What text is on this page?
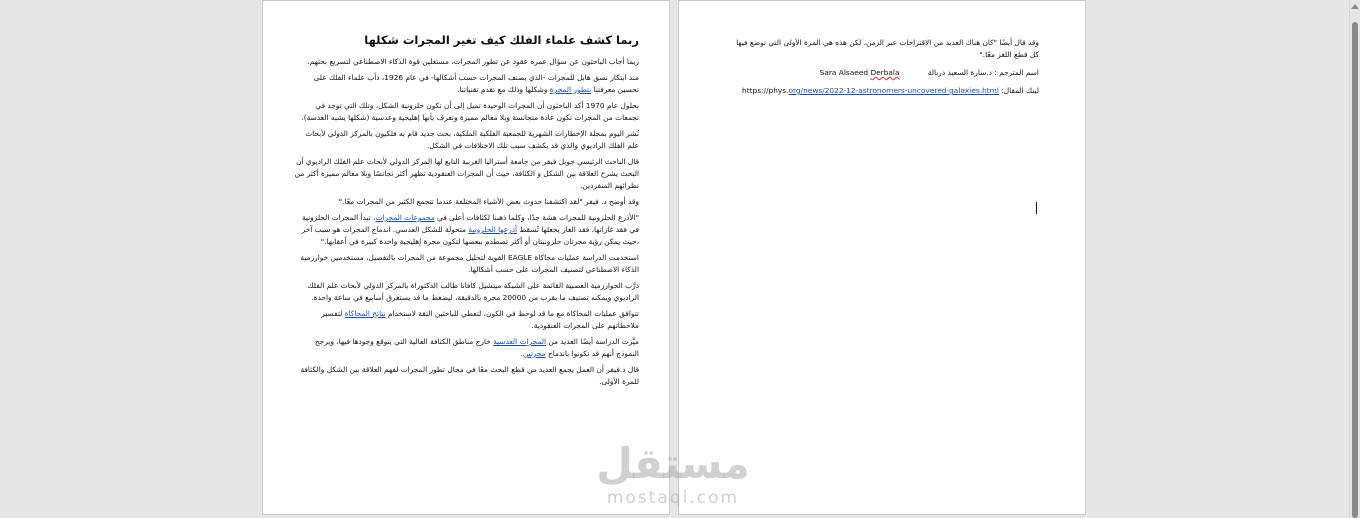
ربما كشف علماء الفلك كيف تغير المجرات شكلها

ربما أجاب الباحثون عن سؤال عمره عقود عن تطور المجرات، مستغلين قوة الذكاء الاصطناعي لتسريع بحثهم.

منذ ابتكار نسق هابل للمجرات -الذي يصنف المجرات حسب أشكالها- في عام 1926، دأب علماء الفلك على تحسين معرفتنا بتطور المجرة وشكلها وذلك مع تقدم تقنياتنا.

بحلول عام 1970 أكد الباحثون أن المجرات الوحيدة تميل إلى أن تكون حلزونية الشكل، وتلك التي توجد في تجمعات من المجرات تكون عادة متجانسة وبلا معالم مميزة وتعرف بأنها إهليجية وعدسية (شكلها يشبه العدسة).

نُشر اليوم بمجلة الإخطارات الشهرية للجمعية الفلكية الملكية، بحث جديد قام به فلكيون بالمركز الدولي لأبحاث علم الفلك الراديوي والذي قد يكشف سبب تلك الاختلافات في الشكل.

قال الباحث الرئيسي جوبل فيفر من جامعة أستراليا الغربية التابع لها المركز الدولي لأبحاث علم الفلك الراديوي أن البحث يشرح العلاقة بين الشكل و الكثافة، حيث أن المجرات العنقودية تظهر أكثر تجانسًا وبلا معالم مميزة أكثر من نظرائهم المنفردين.

وقد أوضح د. فيفر "لقد اكتشفنا حدوث بعض الأشياء المختلفة عندما تتجمع الكثير من المجرات معًا."

"الأذرع الحلزونية للمجرات هشة جدًا، وكلما ذهبنا لكثافات أعلى في مجموعات المجرات، تبدأ المجرات الحلزونية في فقد غازاتها، فقد الغاز يجعلها تُسقط أذرعها الحلزونية متحولة للشكل العدسي. اندماج المجرات هو سبب آخر ،حيث يمكن رؤية مجرتان حلزونيتان أو أكثر تصطدم ببعضها لتكون مجرة إهليجية واحدة كبيرة في أعقابها."

استخدمت الدراسة عمليات محاكاة EAGLE القوية لتحليل مجموعة من المجرات بالتفصيل، مستخدمين خوارزمية الذكاء الاصطناعي لتصنيف المجرات على حسب أشكالها.

درَّب الخوارزمية العصبية القائمة على الشبكة ميتشيل كافانا طالب الدكتوراة بالمركز الدولي لأبحاث علم الفلك الراديوي ويمكنه تصنيف ما يقرب من 20000 مجرة بالدقيقة، ليضغط ما قد يستغرق أسابيع في ساعة واحدة.

تتوافق عمليات المحاكاة مع ما قد لوحظ في الكون، لتعطي للباحثين الثقة لاستخدام نتائج المحاكاة لتفسير ملاحظاتهم على المجرات العنقودية.

ميَّزت الدراسة أيضًا العديد من المجرات العدسية خارج مناطق الكثافة العالية التي يتوقع وجودها فيها، ويرجح النموذج أنهم قد تكونوا باندماج مجرتين.

قال د.فيفر أن العمل يجمع العديد من قطع البحث معًا في مجال تطور المجرات لفهم العلاقة بين الشكل والكثافة للمرة الأولى.

وقد قال أيضًا "كان هناك العديد من الاقتراحات عبر الزمن، لكن هذه هي المرة الأولى التي توضع فيها كل قطع اللغز معًا."

اسم المترجم : د.سارة السعيد دربالة            Sara Alsaeed Derbala

لينك المقال: https://phys.org/news/2022-12-astronomers-uncovered-galaxies.html

مستقل
mostaql.com
